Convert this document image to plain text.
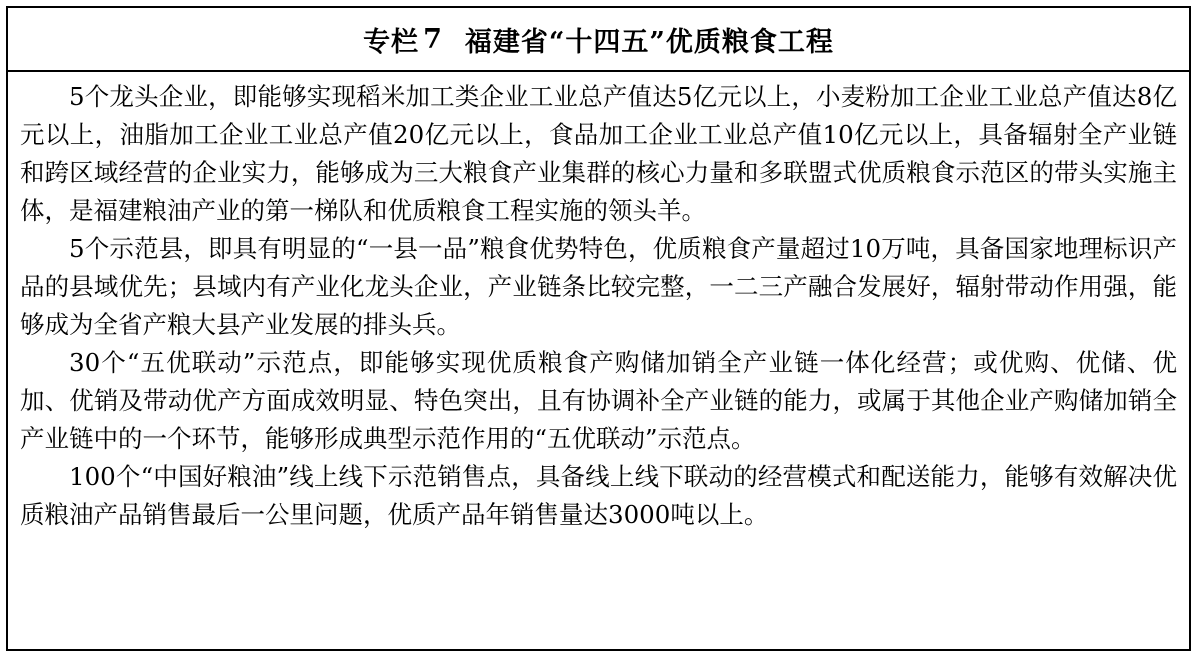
专栏 7 福建省“十四五”优质粮食工程

5个龙头企业，即能够实现稻米加工类企业工业总产值达5亿元以上，小麦粉加工企业工业总产值达8亿元以上，油脂加工企业工业总产值20亿元以上，食品加工企业工业总产值10亿元以上，具备辐射全产业链和跨区域经营的企业实力，能够成为三大粮食产业集群的核心力量和多联盟式优质粮食示范区的带头实施主体，是福建粮油产业的第一梯队和优质粮食工程实施的领头羊。

5个示范县，即具有明显的“一县一品”粮食优势特色，优质粮食产量超过10万吨，具备国家地理标识产品的县域优先；县域内有产业化龙头企业，产业链条比较完整，一二三产融合发展好，辐射带动作用强，能够成为全省产粮大县产业发展的排头兵。

30个“五优联动”示范点，即能够实现优质粮食产购储加销全产业链一体化经营；或优购、优储、优加、优销及带动优产方面成效明显、特色突出，且有协调补全产业链的能力，或属于其他企业产购储加销全产业链中的一个环节，能够形成典型示范作用的“五优联动”示范点。

100个“中国好粮油”线上线下示范销售点，具备线上线下联动的经营模式和配送能力，能够有效解决优质粮油产品销售最后一公里问题，优质产品年销售量达3000吨以上。
